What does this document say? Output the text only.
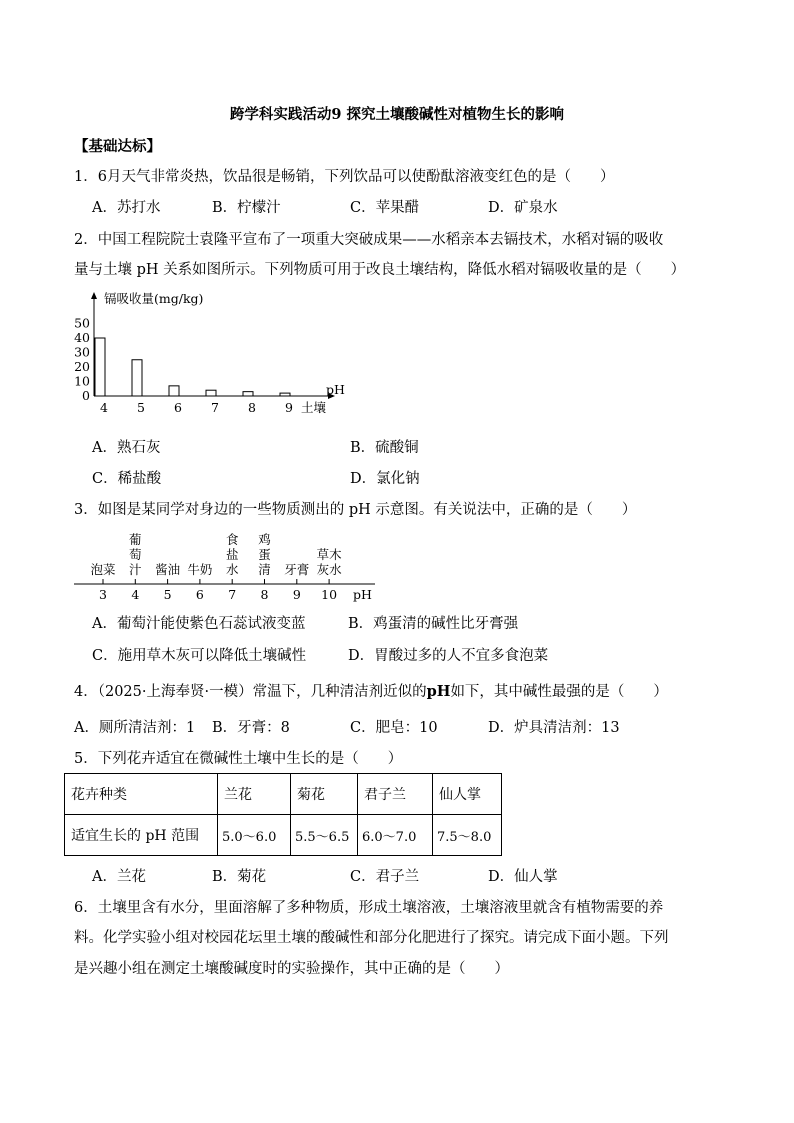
跨学科实践活动9 探究土壤酸碱性对植物生长的影响
【基础达标】
1．6月天气非常炎热，饮品很是畅销，下列饮品可以使酚酞溶液变红色的是（　　）
A．苏打水	B．柠檬汁	C．苹果醋	D．矿泉水
2．中国工程院院士袁隆平宣布了一项重大突破成果——水稻亲本去镉技术，水稻对镉的吸收
量与土壤 pH 关系如图所示。下列物质可用于改良土壤结构，降低水稻对镉吸收量的是（　　）
镉吸收量(mg/kg)
0
10
20
30
40
50
4 5 6 7 8 9
pH
土壤
A．熟石灰	B．硫酸铜
C．稀盐酸	D．氯化钠
3．如图是某同学对身边的一些物质测出的 pH 示意图。有关说法中，正确的是（　　）
3
泡菜
4
葡萄汁
5
酱油
6
牛奶
7
食盐水
8
鸡蛋清
9
牙膏
10
草木灰水
pH
A．葡萄汁能使紫色石蕊试液变蓝	B．鸡蛋清的碱性比牙膏强
C．施用草木灰可以降低土壤碱性	D．胃酸过多的人不宜多食泡菜
4．（2025·上海奉贤·一模）常温下，几种清洁剂近似的pH如下，其中碱性最强的是（　　）
A．厕所清洁剂：1 B．牙膏：8	C．肥皂：10	D．炉具清洁剂：13
5．下列花卉适宜在微碱性土壤中生长的是（　　）
花卉种类	兰花	菊花	君子兰	仙人掌
适宜生长的 pH 范围	5.0～6.0	5.5～6.5	6.0～7.0	7.5～8.0
A．兰花	B．菊花	C．君子兰	D．仙人掌
6．土壤里含有水分，里面溶解了多种物质，形成土壤溶液，土壤溶液里就含有植物需要的养
料。化学实验小组对校园花坛里土壤的酸碱性和部分化肥进行了探究。请完成下面小题。下列
是兴趣小组在测定土壤酸碱度时的实验操作，其中正确的是（　　）
